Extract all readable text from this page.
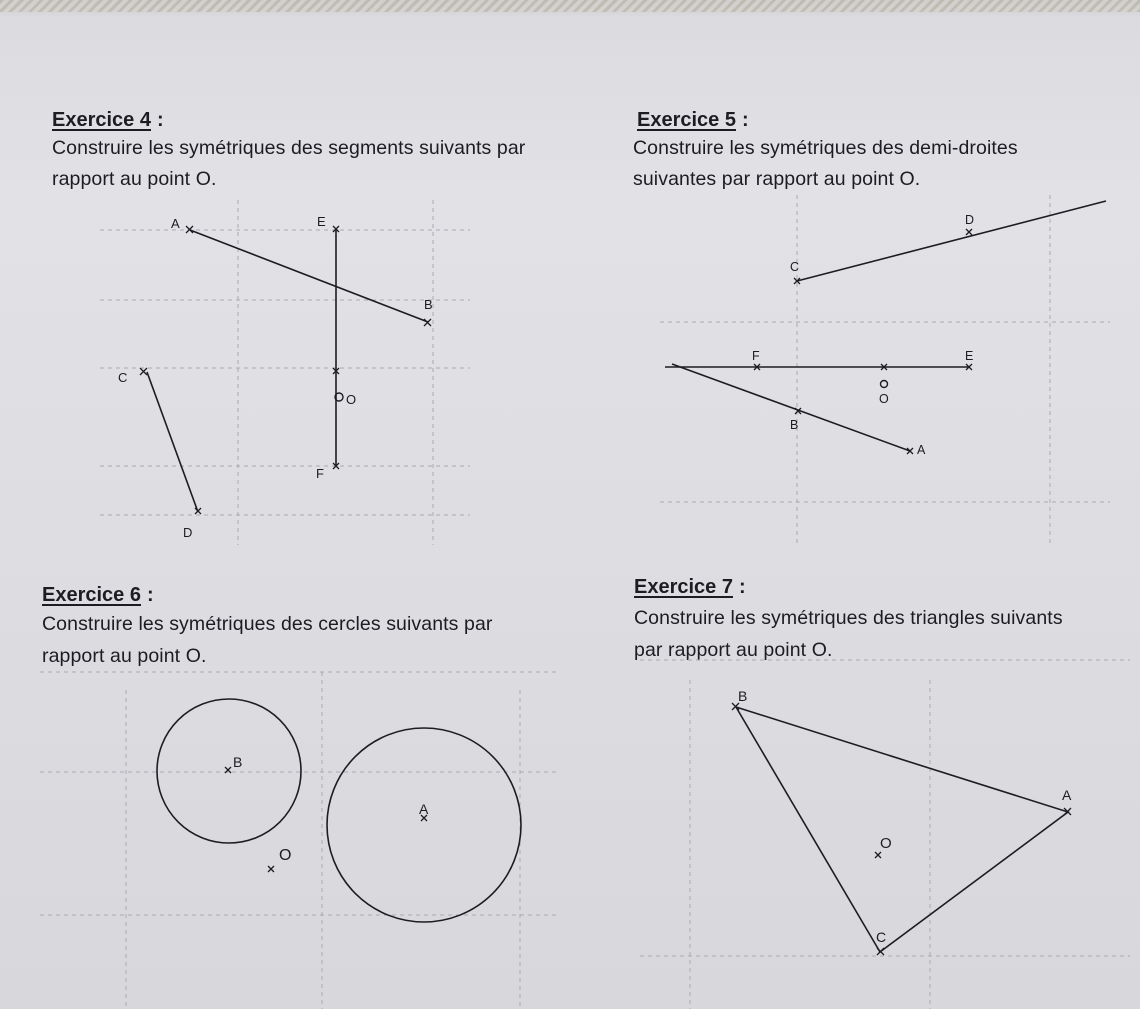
Exercice 4 :
Construire les symétriques des segments suivants par
rapport au point O.
Exercice 5 :
Construire les symétriques des demi-droites
suivantes par rapport au point O.
Exercice 6 :
Construire les symétriques des cercles suivants par
rapport au point O.
Exercice 7 :
Construire les symétriques des triangles suivants
par rapport au point O.
A	E
B
C
O
F
D
D
C
F	E
O
B
A
B
A
O
B
A
O
C
